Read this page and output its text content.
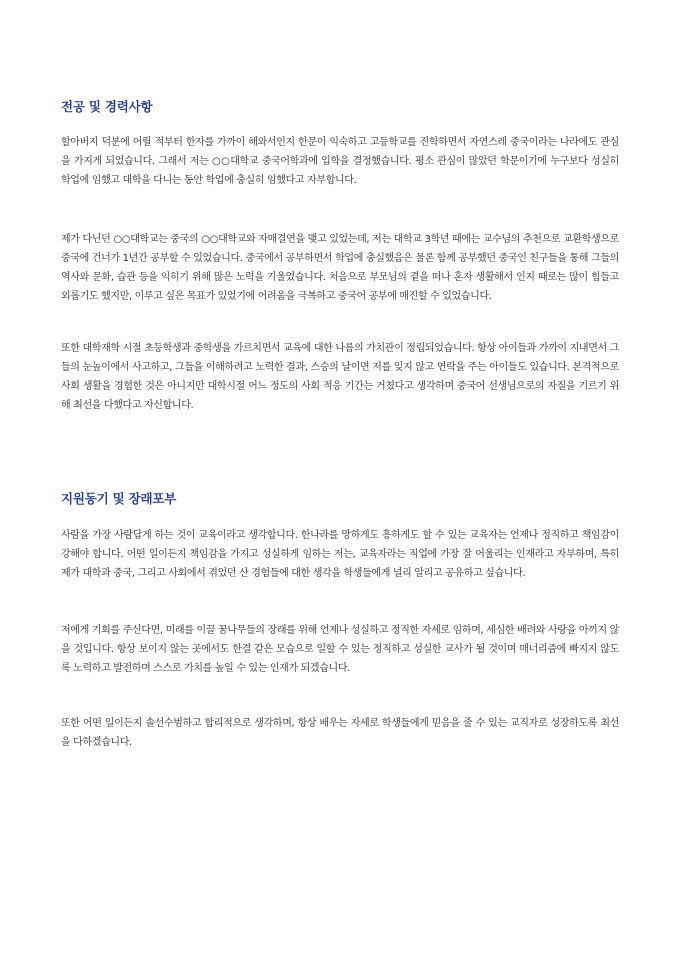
전공 및 경력사항

할아버지 덕분에 어릴 적부터 한자를 가까이 해와서인지 한문이 익숙하고 고등학교를 진학하면서 자연스레 중국이라는 나라에도 관심을 가지게 되었습니다. 그래서 저는 ○○대학교 중국어학과에 입학을 결정했습니다. 평소 관심이 많았던 학문이기에 누구보다 성실히 학업에 임했고 대학을 다니는 동안 학업에 충실히 임했다고 자부합니다.

제가 다닌던 ○○대학교는 중국의 ○○대학교와 자매결연을 맺고 있었는데, 저는 대학교 3학년 때에는 교수님의 추천으로 교환학생으로 중국에 건너가 1년간 공부할 수 있었습니다. 중국에서 공부하면서 학업에 충실했음은 물론 함께 공부했던 중국인 친구들을 통해 그들의 역사와 문화, 습관 등을 익히기 위해 많은 노력을 기울였습니다. 처음으로 부모님의 곁을 떠나 혼자 생활해서 인지 때로는 많이 힘들고 외롭기도 했지만, 이루고 싶은 목표가 있었기에 어려움을 극복하고 중국어 공부에 매진할 수 있었습니다.

또한 대학재학 시절 초등학생과 중학생을 가르치면서 교육에 대한 나름의 가치관이 정립되었습니다. 항상 아이들과 가까이 지내면서 그들의 눈높이에서 사고하고, 그들을 이해하려고 노력한 결과, 스승의 날이면 저를 잊지 않고 연락을 주는 아이들도 있습니다. 본격적으로 사회 생활을 경험한 것은 아니지만 대학시절 어느 정도의 사회 적응 기간는 거쳤다고 생각하며 중국어 선생님으로의 자질을 기르기 위해 최선을 다했다고 자신합니다.

지원동기 및 장래포부

사람을 가장 사람답게 하는 것이 교육이라고 생각합니다. 한나라를 망하게도 흥하게도 할 수 있는 교육자는 언제나 정직하고 책임감이 강해야 합니다. 어떤 일이든지 책임감을 가지고 성실하게 임하는 저는, 교육자라는 직업에 가장 잘 어울리는 인재라고 자부하며, 특히 제가 대학과 중국, 그리고 사회에서 겪었던 산 경험들에 대한 생각을 학생들에게 널리 알리고 공유하고 싶습니다.

저에게 기회를 주신다면, 미래를 이끌 꿈나무들의 장래를 위해 언제나 성실하고 정직한 자세로 임하며, 세심한 배려와 사랑을 아끼지 않을 것입니다. 항상 보이지 않는 곳에서도 한결 같은 모습으로 일할 수 있는 정직하고 성실한 교사가 될 것이며 매너리즘에 빠지지 않도록 노력하고 발전하며 스스로 가치를 높일 수 있는 인재가 되겠습니다.

또한 어떤 일이든지 솔선수범하고 합리적으로 생각하며, 항상 배우는 자세로 학생들에게 믿음을 줄 수 있는 교직자로 성장하도록 최선을 다하겠습니다.
